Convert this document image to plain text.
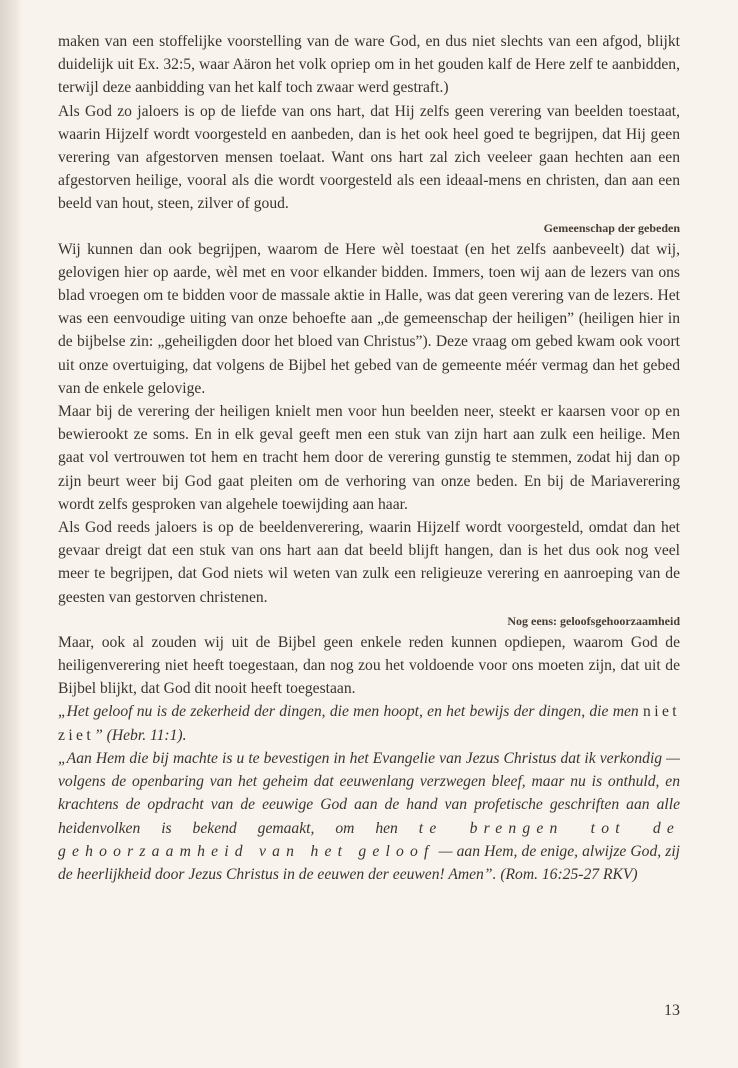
maken van een stoffelijke voorstelling van de ware God, en dus niet slechts van een afgod, blijkt duidelijk uit Ex. 32:5, waar Aäron het volk opriep om in het gouden kalf de Here zelf te aanbidden, terwijl deze aanbidding van het kalf toch zwaar werd gestraft.)

Als God zo jaloers is op de liefde van ons hart, dat Hij zelfs geen verering van beelden toestaat, waarin Hijzelf wordt voorgesteld en aanbeden, dan is het ook heel goed te begrijpen, dat Hij geen verering van afgestorven mensen toelaat. Want ons hart zal zich veeleer gaan hechten aan een afgestorven heilige, vooral als die wordt voorgesteld als een ideaal-mens en christen, dan aan een beeld van hout, steen, zilver of goud.

Gemeenschap der gebeden

Wij kunnen dan ook begrijpen, waarom de Here wèl toestaat (en het zelfs aanbeveelt) dat wij, gelovigen hier op aarde, wèl met en voor elkander bidden. Immers, toen wij aan de lezers van ons blad vroegen om te bidden voor de massale aktie in Halle, was dat geen verering van de lezers. Het was een eenvoudige uiting van onze behoefte aan „de gemeenschap der heiligen” (heiligen hier in de bijbelse zin: „geheiligden door het bloed van Christus”). Deze vraag om gebed kwam ook voort uit onze overtuiging, dat volgens de Bijbel het gebed van de gemeente méér vermag dan het gebed van de enkele gelovige.

Maar bij de verering der heiligen knielt men voor hun beelden neer, steekt er kaarsen voor op en bewierookt ze soms. En in elk geval geeft men een stuk van zijn hart aan zulk een heilige. Men gaat vol vertrouwen tot hem en tracht hem door de verering gunstig te stemmen, zodat hij dan op zijn beurt weer bij God gaat pleiten om de verhoring van onze beden. En bij de Mariaverering wordt zelfs gesproken van algehele toewijding aan haar.

Als God reeds jaloers is op de beeldenverering, waarin Hijzelf wordt voorgesteld, omdat dan het gevaar dreigt dat een stuk van ons hart aan dat beeld blijft hangen, dan is het dus ook nog veel meer te begrijpen, dat God niets wil weten van zulk een religieuze verering en aanroeping van de geesten van gestorven christenen.

Nog eens: geloofsgehoorzaamheid

Maar, ook al zouden wij uit de Bijbel geen enkele reden kunnen opdiepen, waarom God de heiligenverering niet heeft toegestaan, dan nog zou het voldoende voor ons moeten zijn, dat uit de Bijbel blijkt, dat God dit nooit heeft toegestaan.

„Het geloof nu is de zekerheid der dingen, die men hoopt, en het bewijs der dingen, die men niet ziet” (Hebr. 11:1).

„Aan Hem die bij machte is u te bevestigen in het Evangelie van Jezus Christus dat ik verkondig — volgens de openbaring van het geheim dat eeuwenlang verzwegen bleef, maar nu is onthuld, en krachtens de opdracht van de eeuwige God aan de hand van profetische geschriften aan alle heidenvolken is bekend gemaakt, om hen te brengen tot de gehoorzaamheid van het geloof — aan Hem, de enige, alwijze God, zij de heerlijkheid door Jezus Christus in de eeuwen der eeuwen! Amen”. (Rom. 16:25-27 RKV)

13
